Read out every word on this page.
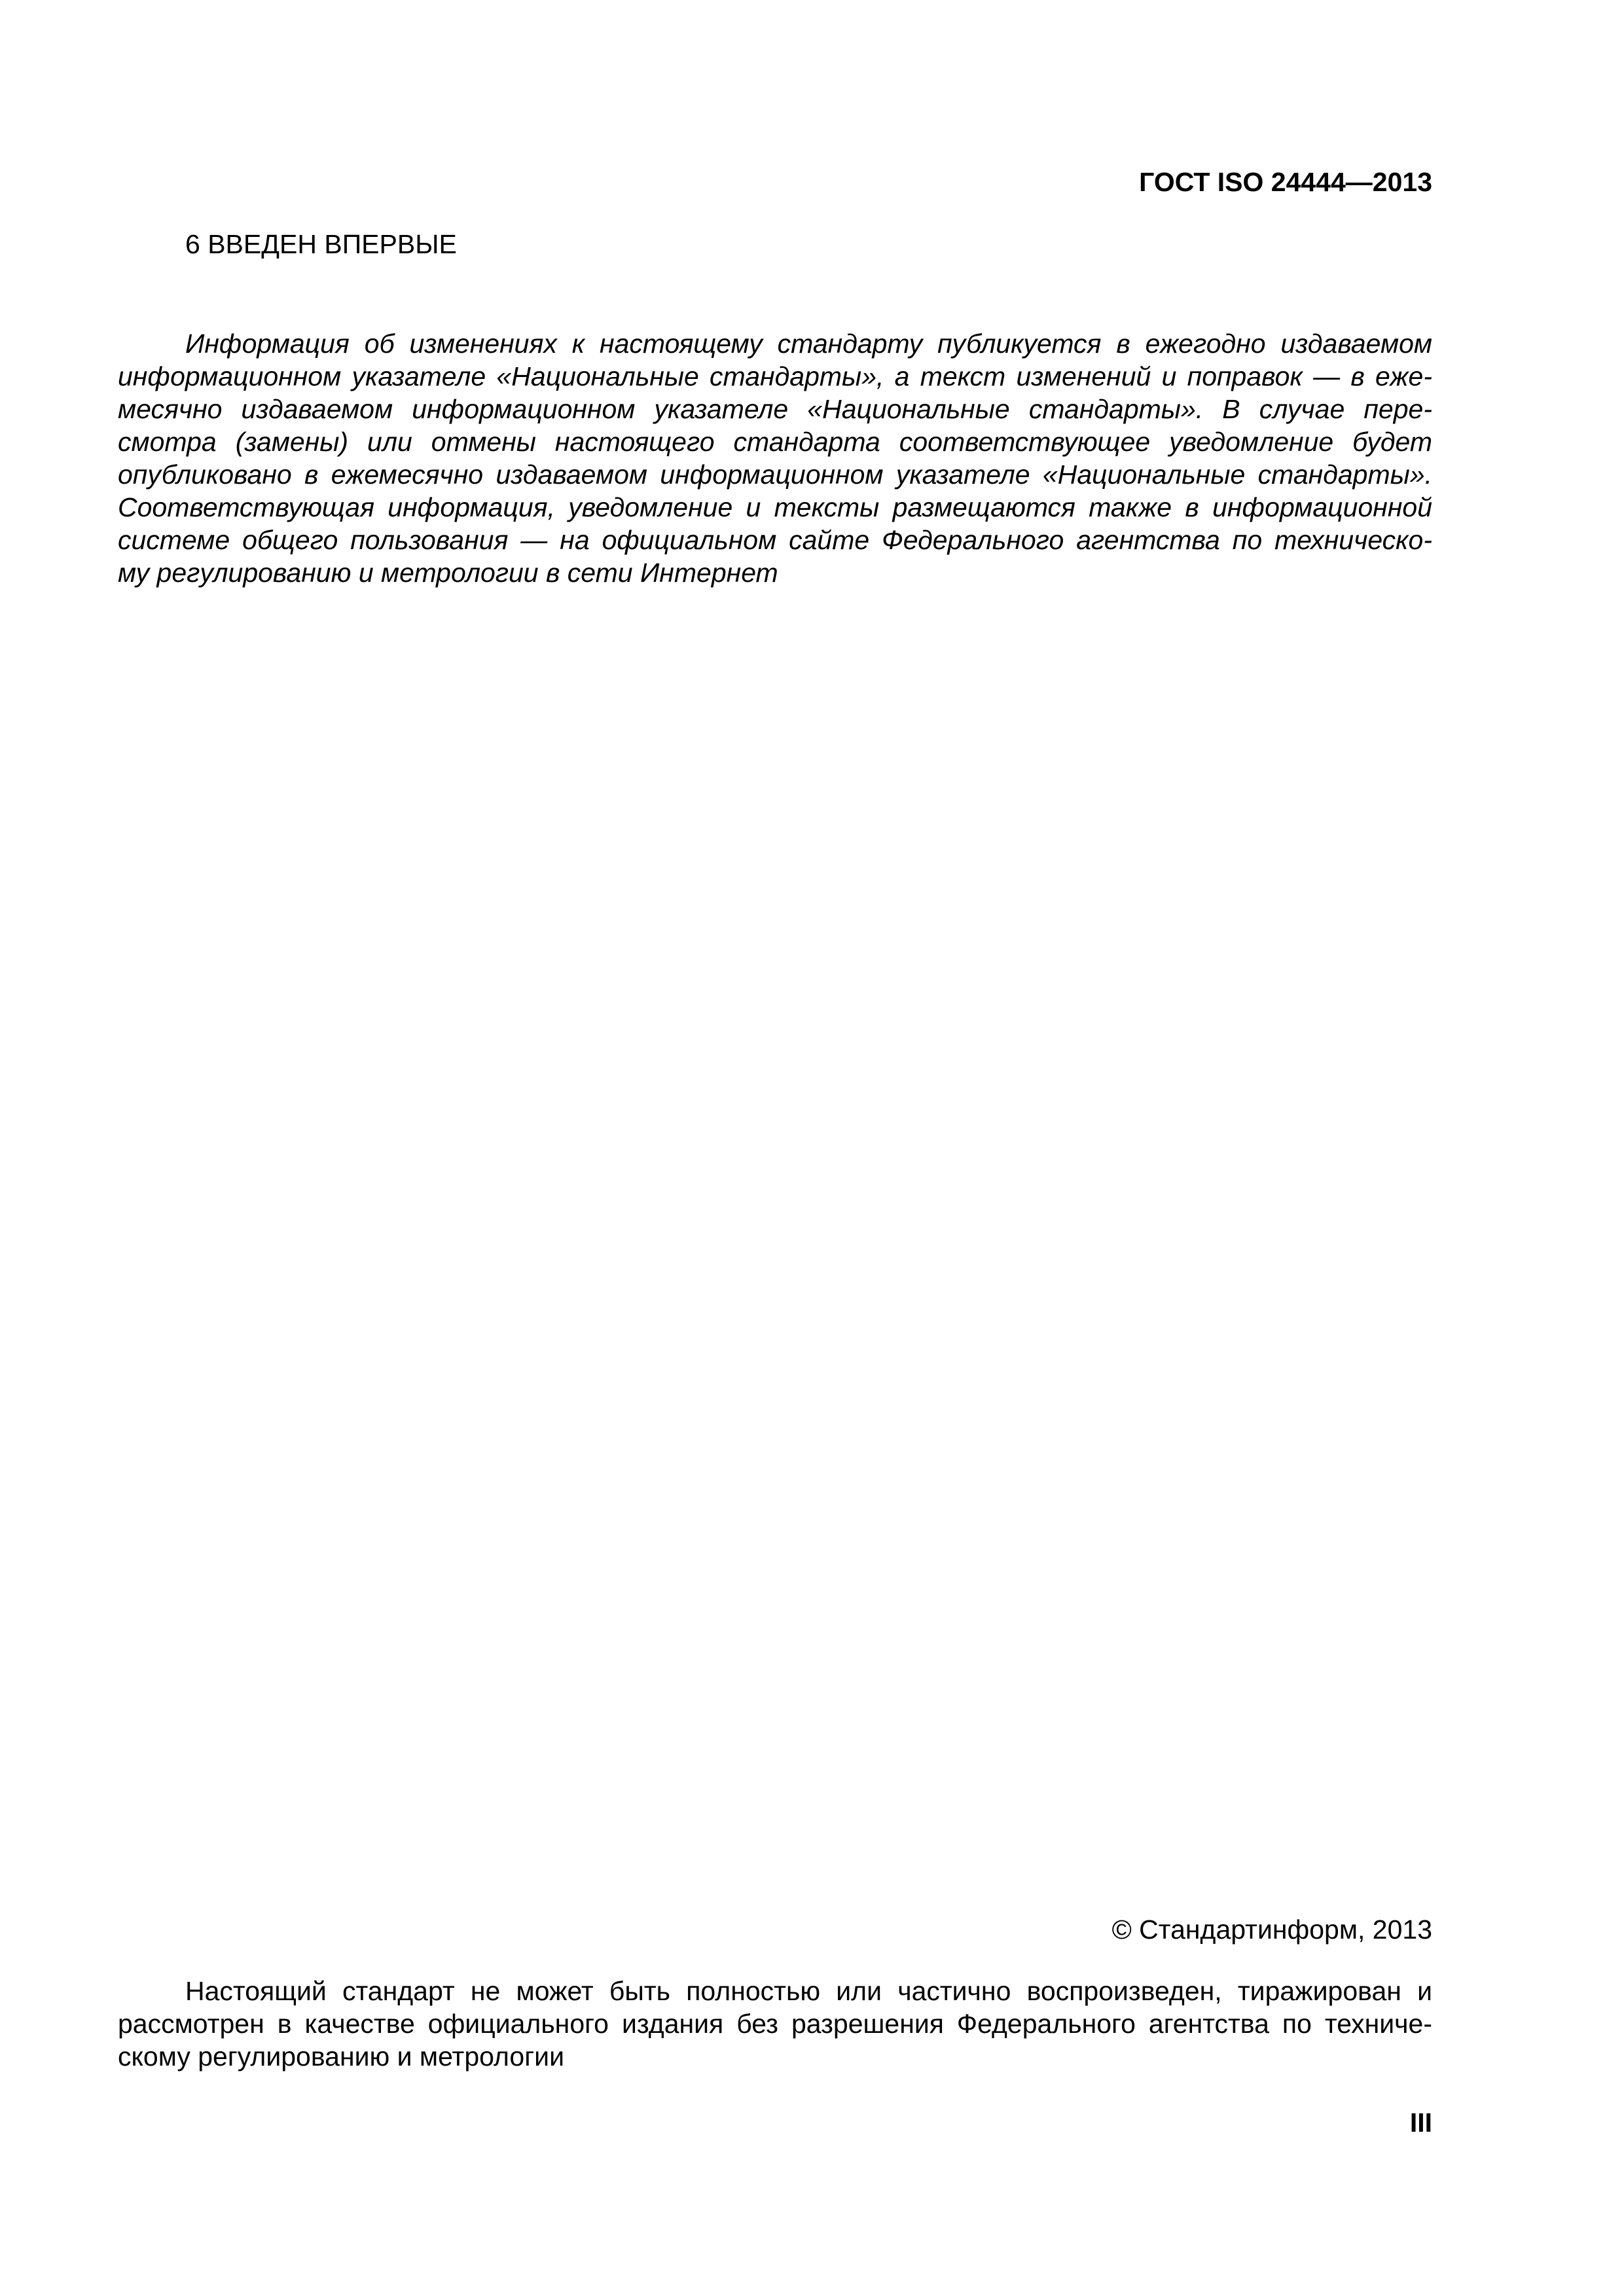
ГОСТ ISO 24444—2013
6 ВВЕДЕН ВПЕРВЫЕ
Информация об изменениях к настоящему стандарту публикуется в ежегодно издаваемом
информационном указателе «Национальные стандарты», а текст изменений и поправок — в еже-
месячно издаваемом информационном указателе «Национальные стандарты». В случае пере-
смотра (замены) или отмены настоящего стандарта соответствующее уведомление будет
опубликовано в ежемесячно издаваемом информационном указателе «Национальные стандарты».
Соответствующая информация, уведомление и тексты размещаются также в информационной
системе общего пользования — на официальном сайте Федерального агентства по техническо-
му регулированию и метрологии в сети Интернет
© Стандартинформ, 2013
Настоящий стандарт не может быть полностью или частично воспроизведен, тиражирован и
рассмотрен в качестве официального издания без разрешения Федерального агентства по техниче-
скому регулированию и метрологии
III
